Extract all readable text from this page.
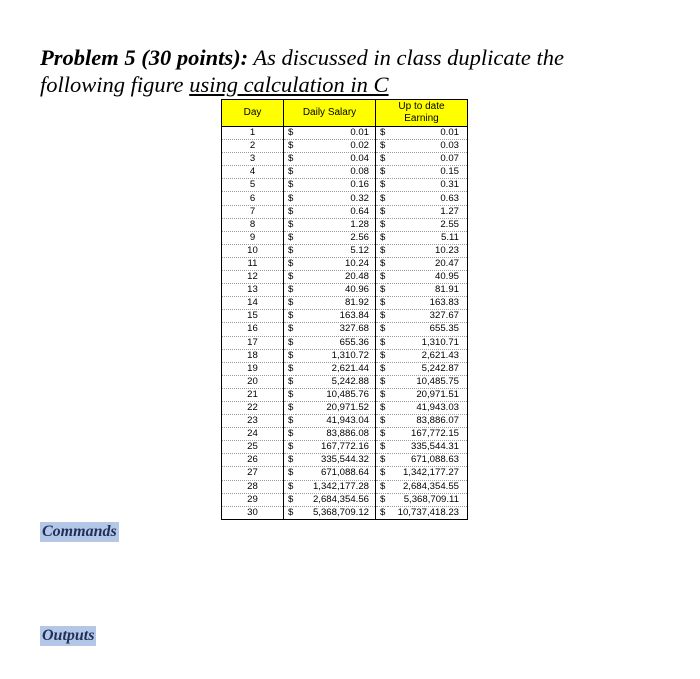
Problem 5 (30 points): As discussed in class duplicate the
following figure using calculation in C
Day	Daily Salary		Up to date
Earning	
1	$	0.01	$	0.01
2	$	0.02	$	0.03
3	$	0.04	$	0.07
4	$	0.08	$	0.15
5	$	0.16	$	0.31
6	$	0.32	$	0.63
7	$	0.64	$	1.27
8	$	1.28	$	2.55
9	$	2.56	$	5.11
10	$	5.12	$	10.23
11	$	10.24	$	20.47
12	$	20.48	$	40.95
13	$	40.96	$	81.91
14	$	81.92	$	163.83
15	$	163.84	$	327.67
16	$	327.68	$	655.35
17	$	655.36	$	1,310.71
18	$	1,310.72	$	2,621.43
19	$	2,621.44	$	5,242.87
20	$	5,242.88	$	10,485.75
21	$	10,485.76	$	20,971.51
22	$	20,971.52	$	41,943.03
23	$	41,943.04	$	83,886.07
24	$	83,886.08	$	167,772.15
25	$	167,772.16	$	335,544.31
26	$	335,544.32	$	671,088.63
27	$	671,088.64	$	1,342,177.27
28	$	1,342,177.28	$	2,684,354.55
29	$	2,684,354.56	$	5,368,709.11
30	$	5,368,709.12	$	10,737,418.23
Commands
Outputs
